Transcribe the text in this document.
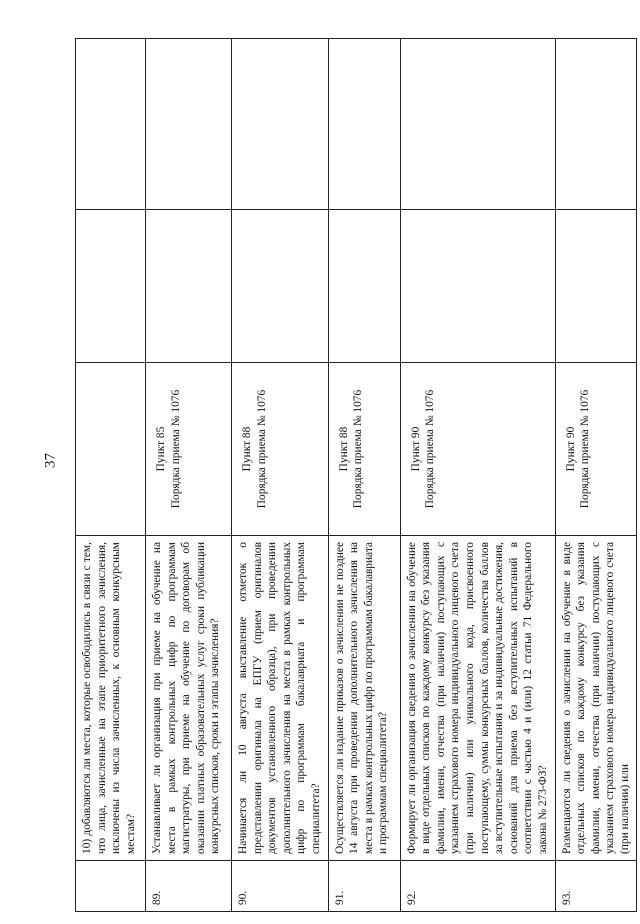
37
	10) добавляются ли места, которые освободились в связи с тем, что лица, зачисленные на этапе приоритетного зачисления, исключены из числа зачисленных, к основным конкурсным местам?	

89.	Устанавливает ли организация при приеме на обучение на места в рамках контрольных цифр по программам магистратуры, при приеме на обучение по договорам об оказании платных образовательных услуг сроки публикации конкурсных списков, сроки и этапы зачисления?	Пункт 85 Порядка приема № 1076		

90.	Начинается ли 10 августа выставление отметок о представлении оригинала на ЕПГУ (прием оригиналов документов установленного образца), при проведении дополнительного зачисления на места в рамках контрольных цифр по программам бакалавриата и программам специалитета?	Пункт 88 Порядка приема № 1076		

91.	Осуществляется ли издание приказов о зачислении не позднее 14 августа при проведении дополнительного зачисления на места в рамках контрольных цифр по программам бакалавриата и программам специалитета?	Пункт 88 Порядка приема № 1076		

92.	Формирует ли организация сведения о зачислении на обучение в виде отдельных списков по каждому конкурсу без указания фамилии, имени, отчества (при наличии) поступающих с указанием страхового номера индивидуального лицевого счета (при наличии) или уникального кода, присвоенного поступающему, суммы конкурсных баллов, количества баллов за вступительные испытания и за индивидуальные достижения, оснований для приема без вступительных испытаний в соответствии с частью 4 и (или) 12 статьи 71 Федерального закона № 273-ФЗ?	Пункт 90 Порядка приема № 1076		

93.	Размещаются ли сведения о зачислении на обучение в виде отдельных списков по каждому конкурсу без указания фамилии, имени, отчества (при наличии) поступающих с указанием страхового номера индивидуального лицевого счета (при наличии) или	Пункт 90 Порядка приема № 1076		
